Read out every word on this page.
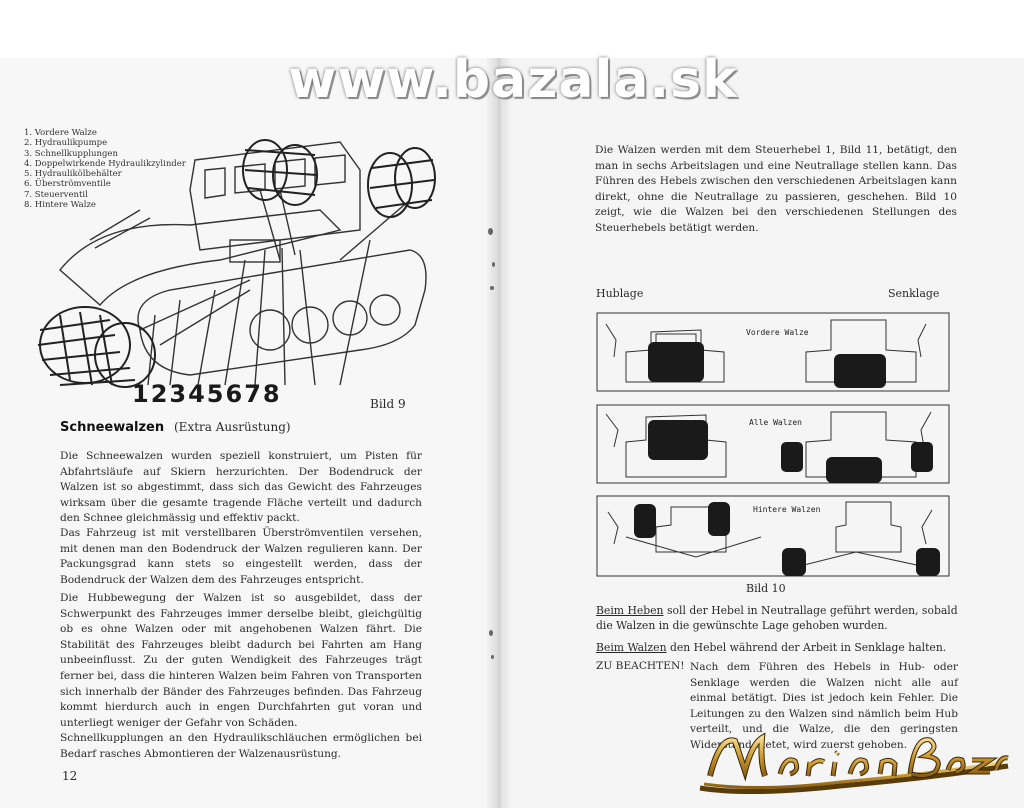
www.bazala.sk
1. Vordere Walze
2. Hydraulikpumpe
3. Schnellkupplungen
4. Doppelwirkende Hydraulikzylinder
5. Hydraulikölbehälter
6. Überströmventile
7. Steuerventil
8. Hintere Walze
12345678	Bild 9
Schneewalzen (Extra Ausrüstung)
Die Schneewalzen wurden speziell konstruiert, um Pisten für Abfahrtsläufe auf Skiern herzurichten. Der Bodendruck der Walzen ist so abgestimmt, dass sich das Gewicht des Fahrzeuges wirksam über die gesamte tragende Fläche verteilt und dadurch den Schnee gleichmässig und effektiv packt.
Das Fahrzeug ist mit verstellbaren Überströmventilen versehen, mit denen man den Bodendruck der Walzen regulieren kann. Der Packungsgrad kann stets so eingestellt werden, dass der Bodendruck der Walzen dem des Fahrzeuges entspricht.
Die Hubbewegung der Walzen ist so ausgebildet, dass der Schwerpunkt des Fahrzeuges immer derselbe bleibt, gleichgültig ob es ohne Walzen oder mit angehobenen Walzen fährt. Die Stabilität des Fahrzeuges bleibt dadurch bei Fahrten am Hang unbeeinflusst. Zu der guten Wendigkeit des Fahrzeuges trägt ferner bei, dass die hinteren Walzen beim Fahren von Transporten sich innerhalb der Bänder des Fahrzeuges befinden. Das Fahrzeug kommt hierdurch auch in engen Durchfahrten gut voran und unterliegt weniger der Gefahr von Schäden.
Schnellkupplungen an den Hydraulikschläuchen ermöglichen bei Bedarf rasches Abmontieren der Walzenausrüstung.
12
Die Walzen werden mit dem Steuerhebel 1, Bild 11, betätigt, den man in sechs Arbeitslagen und eine Neutrallage stellen kann. Das Führen des Hebels zwischen den verschiedenen Arbeitslagen kann direkt, ohne die Neutrallage zu passieren, geschehen. Bild 10 zeigt, wie die Walzen bei den verschiedenen Stellungen des Steuerhebels betätigt werden.
Hublage	Senklage
Vordere Walze
Alle Walzen
Hintere Walzen
Bild 10
Beim Heben soll der Hebel in Neutrallage geführt werden, sobald die Walzen in die gewünschte Lage gehoben wurden.
Beim Walzen den Hebel während der Arbeit in Senklage halten.
ZU BEACHTEN! Nach dem Führen des Hebels in Hub- oder Senklage werden die Walzen nicht alle auf einmal betätigt. Dies ist jedoch kein Fehler. Die Leitungen zu den Walzen sind nämlich beim Hub verteilt, und die Walze, die den geringsten Widerstand bietet, wird zuerst gehoben.
